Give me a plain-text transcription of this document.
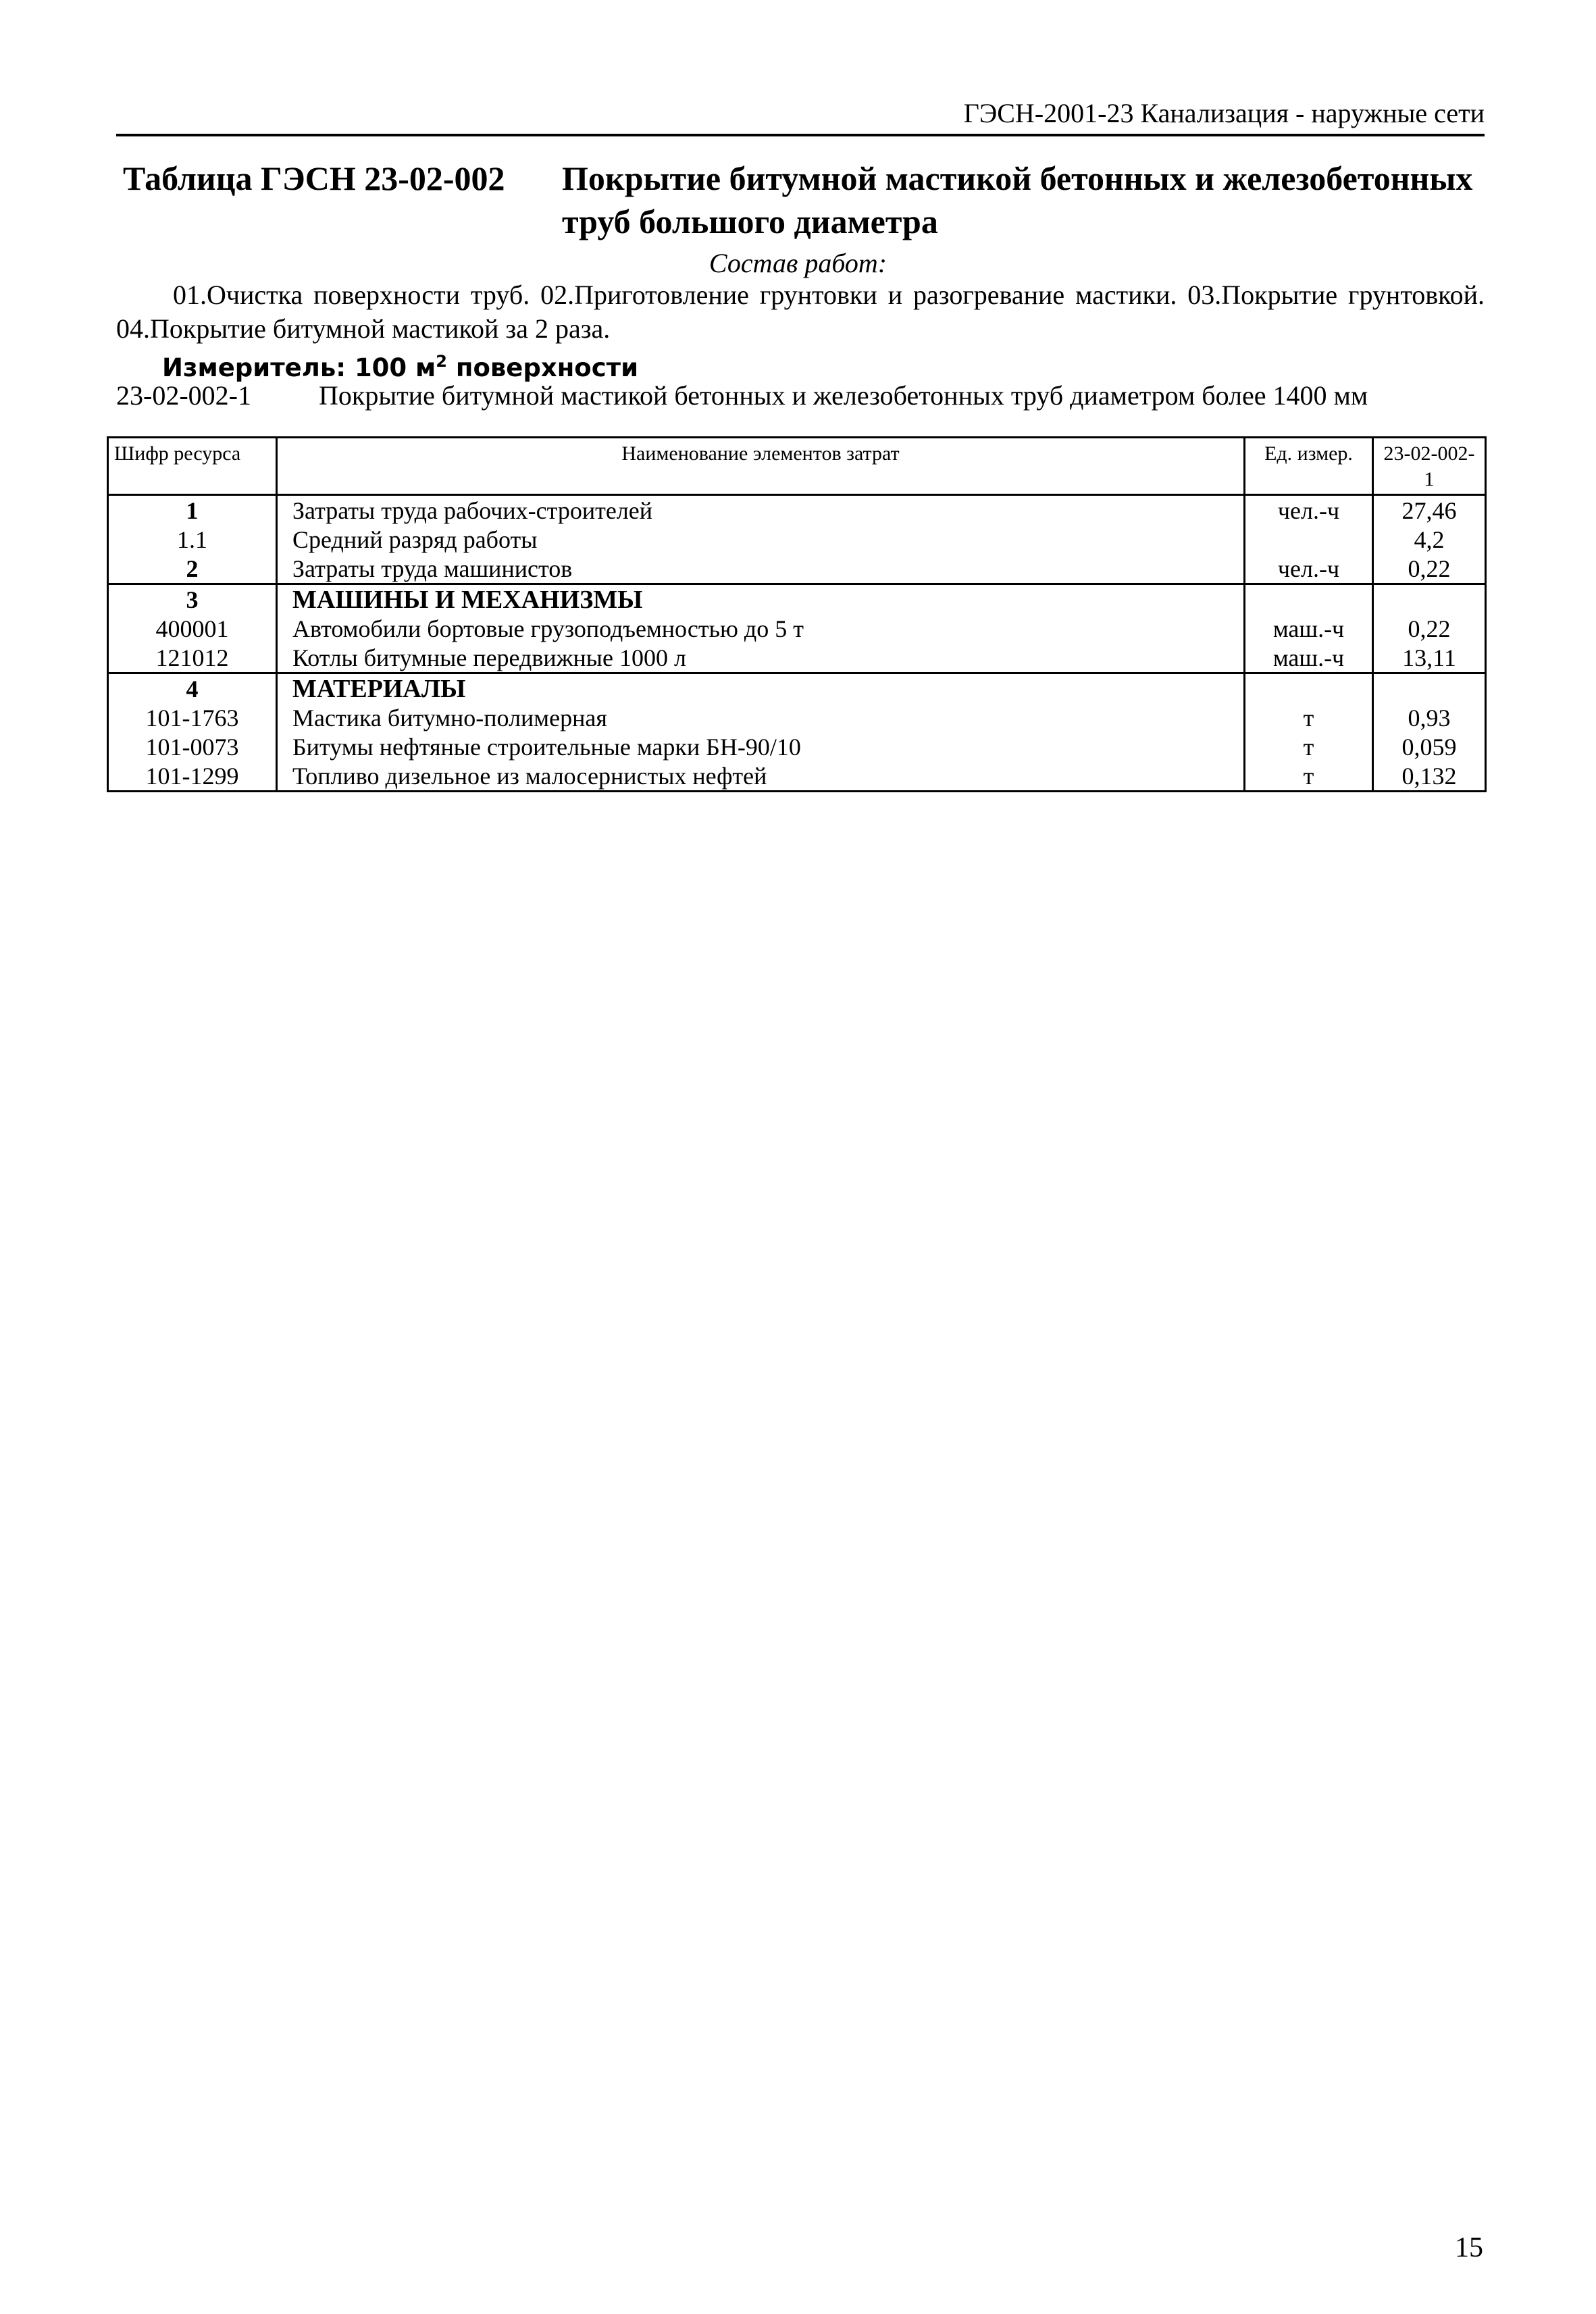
ГЭСН-2001-23 Канализация - наружные сети
Таблица ГЭСН 23-02-002 Покрытие битумной мастикой бетонных и железобетонных труб большого диаметра
Состав работ:
01.Очистка поверхности труб. 02.Приготовление грунтовки и разогревание мастики. 03.Покрытие грунтовкой. 04.Покрытие битумной мастикой за 2 раза.
Измеритель: 100 $м^2$ поверхности
23-02-002-1	Покрытие битумной мастикой бетонных и железобетонных труб диаметром более 1400 мм
Шифр ресурса	Наименование элементов затрат	Ед. измер.	23-02-002-1
1	Затраты труда рабочих-строителей	чел.-ч	27,46
1.1	Средний разряд работы		4,2
2	Затраты труда машинистов	чел.-ч	0,22
3	МАШИНЫ И МЕХАНИЗМЫ		
400001	Автомобили бортовые грузоподъемностью до 5 т	маш.-ч	0,22
121012	Котлы битумные передвижные 1000 л	маш.-ч	13,11
4	МАТЕРИАЛЫ		
101-1763	Мастика битумно-полимерная	т	0,93
101-0073	Битумы нефтяные строительные марки БН-90/10	т	0,059
101-1299	Топливо дизельное из малосернистых нефтей	т	0,132
15
